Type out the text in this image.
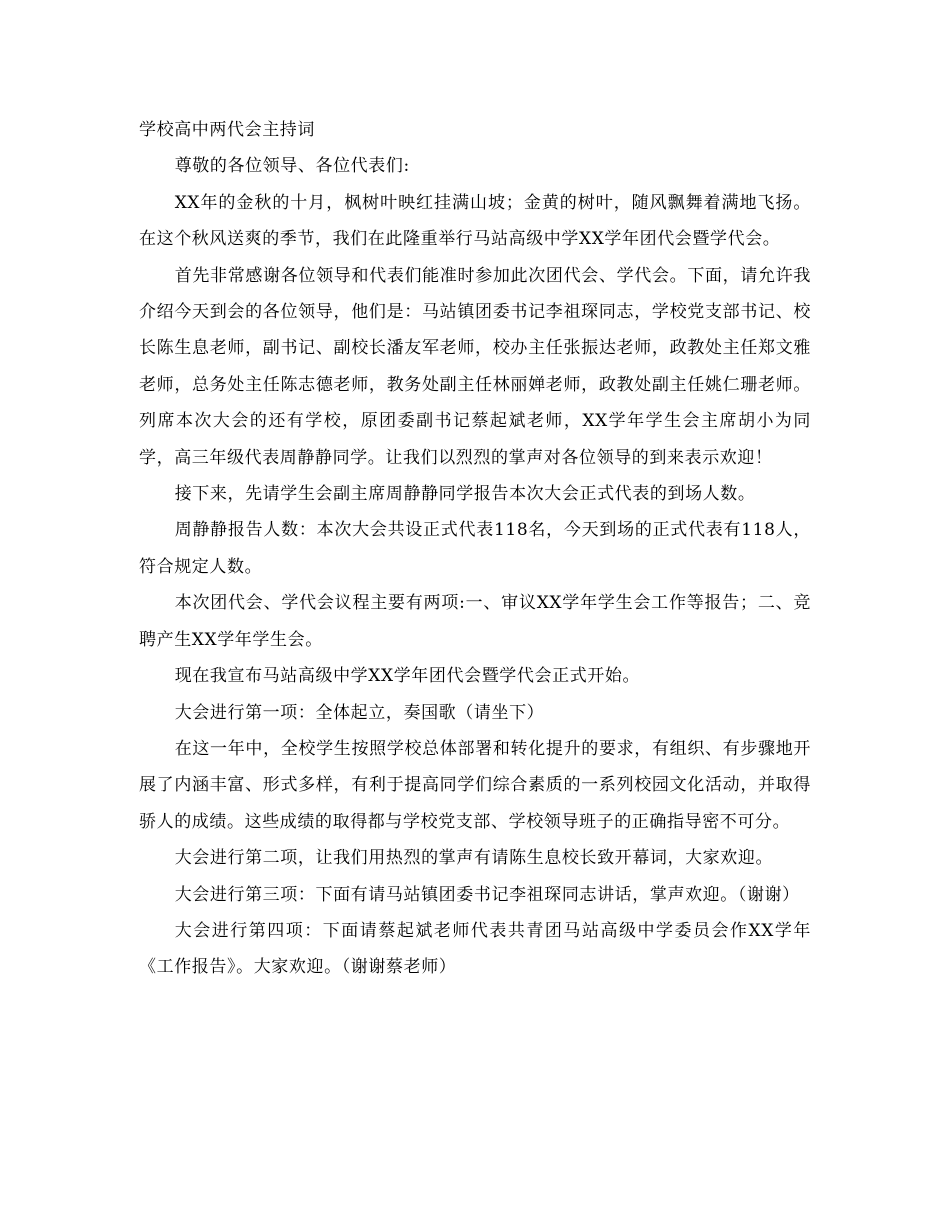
学校高中两代会主持词

尊敬的各位领导、各位代表们:

XX年的金秋的十月，枫树叶映红挂满山坡；金黄的树叶，随风飘舞着满地飞扬。在这个秋风送爽的季节，我们在此隆重举行马站高级中学XX学年团代会暨学代会。

首先非常感谢各位领导和代表们能准时参加此次团代会、学代会。下面，请允许我介绍今天到会的各位领导，他们是：马站镇团委书记李祖琛同志，学校党支部书记、校长陈生息老师，副书记、副校长潘友军老师，校办主任张振达老师，政教处主任郑文雅老师，总务处主任陈志德老师，教务处副主任林丽婵老师，政教处副主任姚仁珊老师。列席本次大会的还有学校，原团委副书记蔡起斌老师，XX学年学生会主席胡小为同学，高三年级代表周静静同学。让我们以烈烈的掌声对各位领导的到来表示欢迎！

接下来，先请学生会副主席周静静同学报告本次大会正式代表的到场人数。

周静静报告人数：本次大会共设正式代表118名，今天到场的正式代表有118人，符合规定人数。

本次团代会、学代会议程主要有两项:一、审议XX学年学生会工作等报告；二、竞聘产生XX学年学生会。

现在我宣布马站高级中学XX学年团代会暨学代会正式开始。

大会进行第一项：全体起立，奏国歌（请坐下）

在这一年中，全校学生按照学校总体部署和转化提升的要求，有组织、有步骤地开展了内涵丰富、形式多样，有利于提高同学们综合素质的一系列校园文化活动，并取得骄人的成绩。这些成绩的取得都与学校党支部、学校领导班子的正确指导密不可分。

大会进行第二项，让我们用热烈的掌声有请陈生息校长致开幕词，大家欢迎。

大会进行第三项：下面有请马站镇团委书记李祖琛同志讲话，掌声欢迎。（谢谢）

大会进行第四项：下面请蔡起斌老师代表共青团马站高级中学委员会作XX学年《工作报告》。大家欢迎。（谢谢蔡老师）
